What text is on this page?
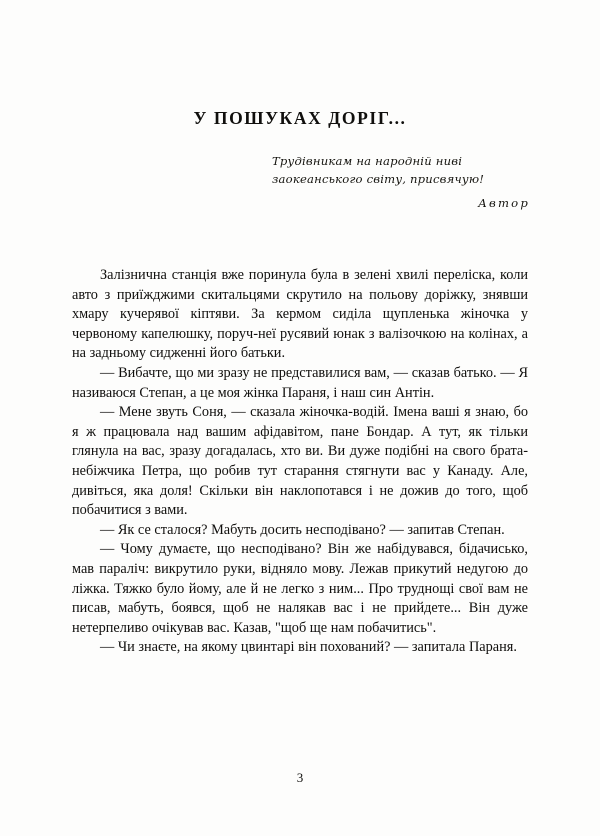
У ПОШУКАХ ДОРІГ...
Трудівникам на народній ниві
заокеанського світу, присвячую!
Автор

Залізнична станція вже поринула була в зелені хвилі переліска, коли авто з приїжджими скитальцями скрутило на польову доріжку, знявши хмару кучерявої кіптяви. За кермом сиділа щупленька жіночка у червоному капелюшку, поруч-неї русявий юнак з валізочкою на колінах, а на задньому сидженні його батьки.

— Вибачте, що ми зразу не представилися вам, — сказав батько. — Я називаюся Степан, а це моя жінка Параня, і наш син Антін.

— Мене звуть Соня, — сказала жіночка-водій. Імена ваші я знаю, бо я ж працювала над вашим афідавітом, пане Бондар. А тут, як тільки глянула на вас, зразу догадалась, хто ви. Ви дуже подібні на свого брата-небіжчика Петра, що робив тут старання стягнути вас у Канаду. Але, дивіться, яка доля! Скільки він наклопотався і не дожив до того, щоб побачитися з вами.

— Як се сталося? Мабуть досить несподівано? — запитав Степан.

— Чому думаєте, що несподівано? Він же набідувався, бідачисько, мав параліч: викрутило руки, відняло мову. Лежав прикутий недугою до ліжка. Тяжко було йому, але й не легко з ним... Про труднощі свої вам не писав, мабуть, боявся, щоб не налякав вас і не прийдете... Він дуже нетерпеливо очікував вас. Казав, "щоб ще нам побачитись".

— Чи знаєте, на якому цвинтарі він похований? — запитала Параня.

3
